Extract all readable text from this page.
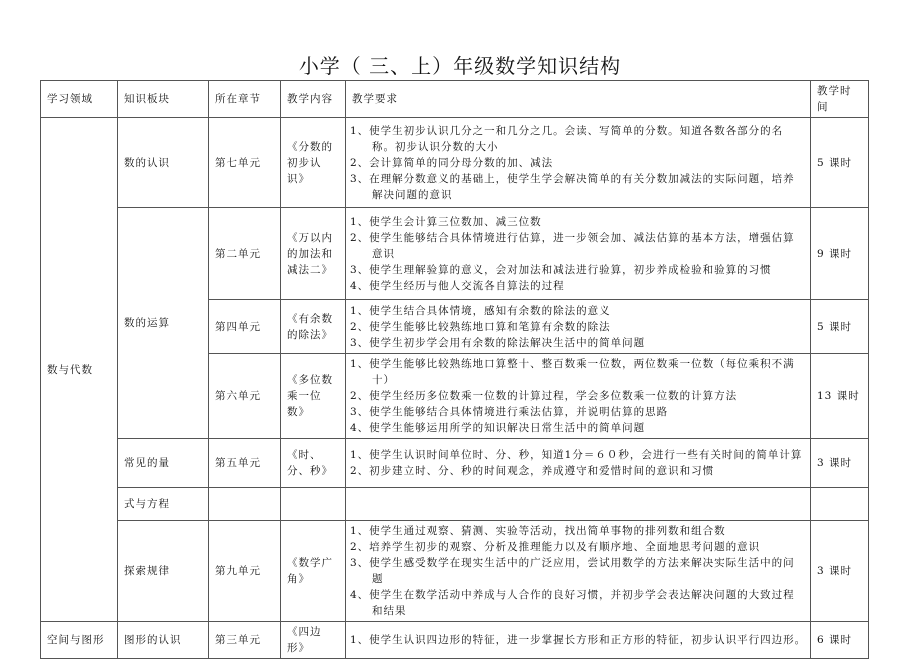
小学（ 三、上）年级数学知识结构
学习领域	知识板块	所在章节	教学内容	教学要求	教学时间
数与代数	数的认识	第七单元	《分数的初步认识》	1、使学生初步认识几分之一和几分之几。会读、写简单的分数。知道各数各部分的名称。初步认识分数的大小
2、会计算简单的同分母分数的加、减法
3、在理解分数意义的基础上，使学生学会解决简单的有关分数加减法的实际问题，培养解决问题的意识	5 课时
	数的运算	第二单元	《万以内的加法和减法二》	1、使学生会计算三位数加、减三位数
2、使学生能够结合具体情境进行估算，进一步领会加、减法估算的基本方法，增强估算意识
3、使学生理解验算的意义，会对加法和减法进行验算，初步养成检验和验算的习惯
4、使学生经历与他人交流各自算法的过程	9 课时
		第四单元	《有余数的除法》	1、使学生结合具体情境，感知有余数的除法的意义
2、使学生能够比较熟练地口算和笔算有余数的除法
3、使学生初步学会用有余数的除法解决生活中的简单问题	5 课时
		第六单元	《多位数乘一位数》	1、使学生能够比较熟练地口算整十、整百数乘一位数，两位数乘一位数（每位乘积不满十）
2、使学生经历多位数乘一位数的计算过程，学会多位数乘一位数的计算方法
3、使学生能够结合具体情境进行乘法估算，并说明估算的思路
4、使学生能够运用所学的知识解决日常生活中的简单问题	13 课时
	常见的量	第五单元	《时、分、秒》	1、使学生认识时间单位时、分、秒，知道1分＝６０秒，会进行一些有关时间的简单计算
2、初步建立时、分、秒的时间观念，养成遵守和爱惜时间的意识和习惯	3 课时
	式与方程				
	探索规律	第九单元	《数学广角》	1、使学生通过观察、猜测、实验等活动，找出简单事物的排列数和组合数
2、培养学生初步的观察、分析及推理能力以及有顺序地、全面地思考问题的意识
3、使学生感受数学在现实生活中的广泛应用，尝试用数学的方法来解决实际生活中的问题
4、使学生在数学活动中养成与人合作的良好习惯，并初步学会表达解决问题的大致过程和结果	3 课时
空间与图形	图形的认识	第三单元	《四边形》	1、使学生认识四边形的特征，进一步掌握长方形和正方形的特征，初步认识平行四边形。	6 课时
